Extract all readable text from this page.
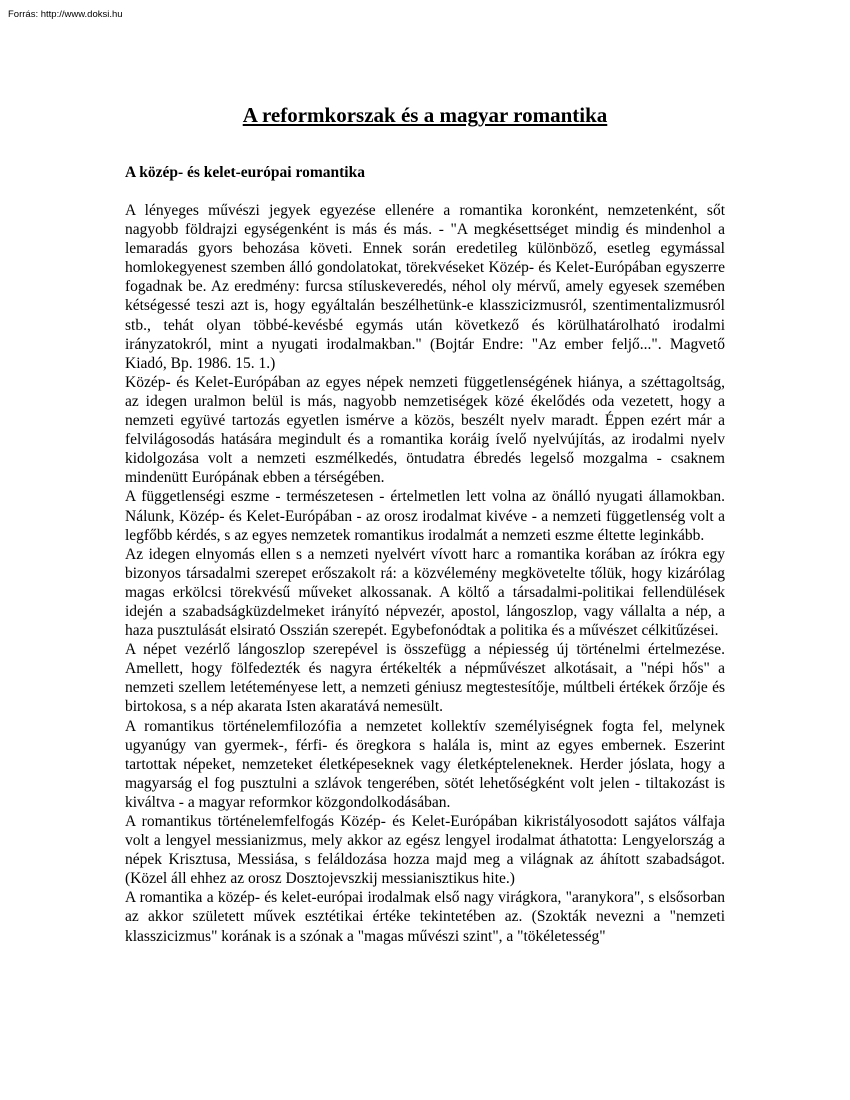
Forrás: http://www.doksi.hu
A reformkorszak és a magyar romantika
A közép- és kelet-európai romantika

A lényeges művészi jegyek egyezése ellenére a romantika koronként, nemzetenként, sőt nagyobb földrajzi egységenként is más és más. - "A megkésettséget mindig és mindenhol a lemaradás gyors behozása követi. Ennek során eredetileg különböző, esetleg egymással homlokegyenest szemben álló gondolatokat, törekvéseket Közép- és Kelet-Európában egyszerre fogadnak be. Az eredmény: furcsa stíluskeveredés, néhol oly mérvű, amely egyesek szemében kétségessé teszi azt is, hogy egyáltalán beszélhetünk-e klasszicizmusról, szentimentalizmusról stb., tehát olyan többé-kevésbé egymás után következő és körülhatárolható irodalmi irányzatokról, mint a nyugati irodalmakban." (Bojtár Endre: "Az ember feljő...". Magvető Kiadó, Bp. 1986. 15. 1.)

Közép- és Kelet-Európában az egyes népek nemzeti függetlenségének hiánya, a széttagoltság, az idegen uralmon belül is más, nagyobb nemzetiségek közé ékelődés oda vezetett, hogy a nemzeti együvé tartozás egyetlen ismérve a közös, beszélt nyelv maradt. Éppen ezért már a felvilágosodás hatására megindult és a romantika koráig ívelő nyelvújítás, az irodalmi nyelv kidolgozása volt a nemzeti eszmélkedés, öntudatra ébredés legelső mozgalma - csaknem mindenütt Európának ebben a térségében.

A függetlenségi eszme - természetesen - értelmetlen lett volna az önálló nyugati államokban. Nálunk, Közép- és Kelet-Európában - az orosz irodalmat kivéve - a nemzeti függetlenség volt a legfőbb kérdés, s az egyes nemzetek romantikus irodalmát a nemzeti eszme éltette leginkább.

Az idegen elnyomás ellen s a nemzeti nyelvért vívott harc a romantika korában az írókra egy bizonyos társadalmi szerepet erőszakolt rá: a közvélemény megkövetelte tőlük, hogy kizárólag magas erkölcsi törekvésű műveket alkossanak. A költő a társadalmi-politikai fellendülések idején a szabadságküzdelmeket irányító népvezér, apostol, lángoszlop, vagy vállalta a nép, a haza pusztulását elsirató Osszián szerepét. Egybefonódtak a politika és a művészet célkitűzései.

A népet vezérlő lángoszlop szerepével is összefügg a népiesség új történelmi értelmezése. Amellett, hogy fölfedezték és nagyra értékelték a népművészet alkotásait, a "népi hős" a nemzeti szellem letéteményese lett, a nemzeti géniusz megtestesítője, múltbeli értékek őrzője és birtokosa, s a nép akarata Isten akaratává nemesült.

A romantikus történelemfilozófia a nemzetet kollektív személyiségnek fogta fel, melynek ugyanúgy van gyermek-, férfi- és öregkora s halála is, mint az egyes embernek. Eszerint tartottak népeket, nemzeteket életképeseknek vagy életképteleneknek. Herder jóslata, hogy a magyarság el fog pusztulni a szlávok tengerében, sötét lehetőségként volt jelen - tiltakozást is kiváltva - a magyar reformkor közgondolkodásában.

A romantikus történelemfelfogás Közép- és Kelet-Európában kikristályosodott sajátos válfaja volt a lengyel messianizmus, mely akkor az egész lengyel irodalmat áthatotta: Lengyelország a népek Krisztusa, Messiása, s feláldozása hozza majd meg a világnak az áhított szabadságot. (Közel áll ehhez az orosz Dosztojevszkij messianisztikus hite.)

A romantika a közép- és kelet-európai irodalmak első nagy virágkora, "aranykora", s elsősorban az akkor született művek esztétikai értéke tekintetében az. (Szokták nevezni a "nemzeti klasszicizmus" korának is a szónak a "magas művészi szint", a "tökéletesség"
